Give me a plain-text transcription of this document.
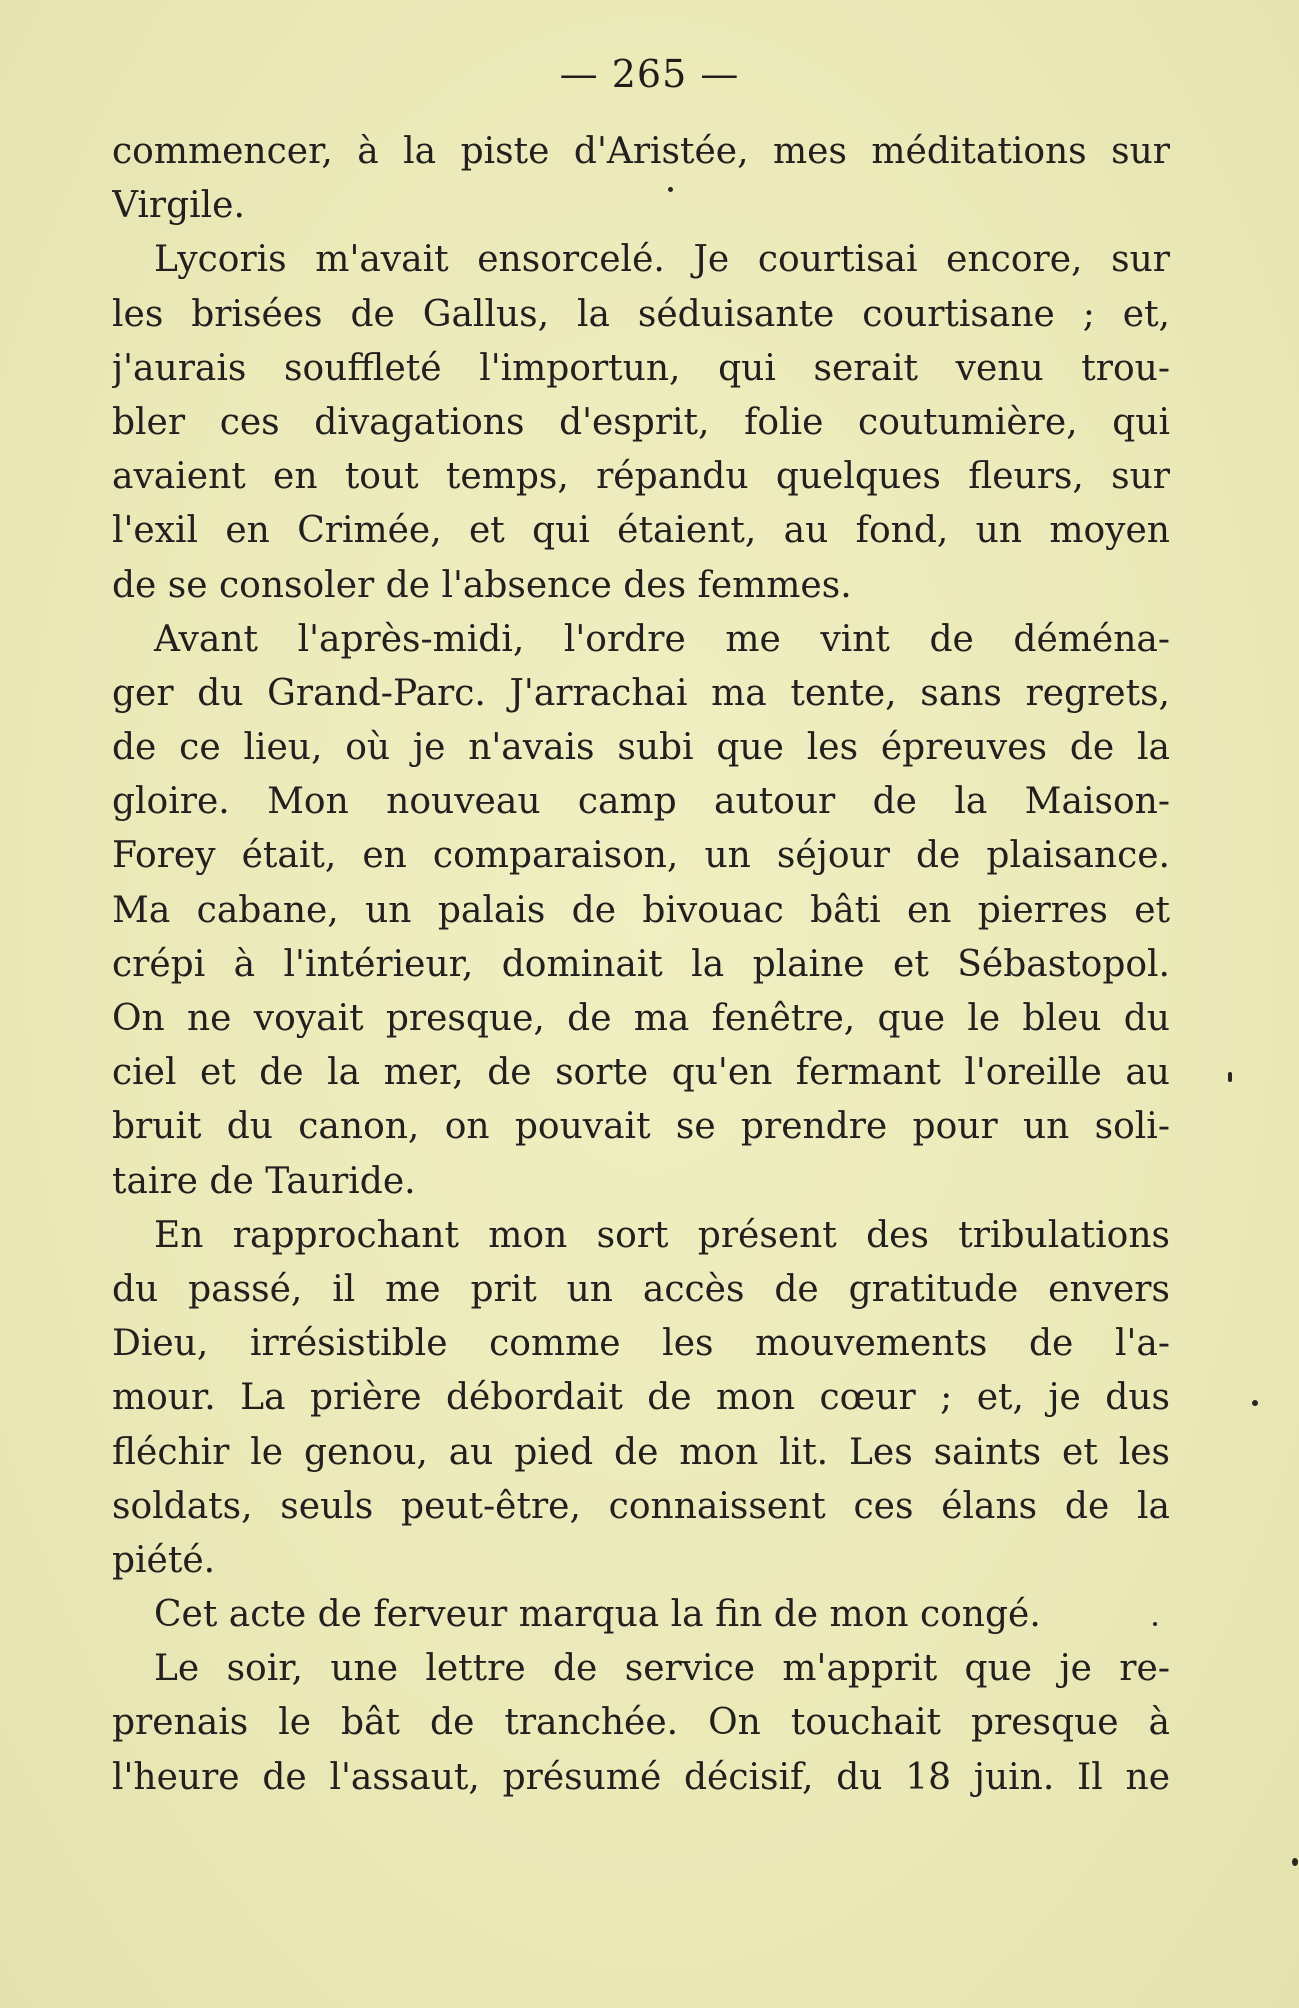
— 265 —
commencer, à la piste d'Aristée, mes méditations sur
Virgile.
Lycoris m'avait ensorcelé. Je courtisai encore, sur
les brisées de Gallus, la séduisante courtisane ; et,
j'aurais souffleté l'importun, qui serait venu trou-
bler ces divagations d'esprit, folie coutumière, qui
avaient en tout temps, répandu quelques fleurs, sur
l'exil en Crimée, et qui étaient, au fond, un moyen
de se consoler de l'absence des femmes.
Avant l'après-midi, l'ordre me vint de déména-
ger du Grand-Parc. J'arrachai ma tente, sans regrets,
de ce lieu, où je n'avais subi que les épreuves de la
gloire. Mon nouveau camp autour de la Maison-
Forey était, en comparaison, un séjour de plaisance.
Ma cabane, un palais de bivouac bâti en pierres et
crépi à l'intérieur, dominait la plaine et Sébastopol.
On ne voyait presque, de ma fenêtre, que le bleu du
ciel et de la mer, de sorte qu'en fermant l'oreille au
bruit du canon, on pouvait se prendre pour un soli-
taire de Tauride.
En rapprochant mon sort présent des tribulations
du passé, il me prit un accès de gratitude envers
Dieu, irrésistible comme les mouvements de l'a-
mour. La prière débordait de mon cœur ; et, je dus
fléchir le genou, au pied de mon lit. Les saints et les
soldats, seuls peut-être, connaissent ces élans de la
piété.
Cet acte de ferveur marqua la fin de mon congé.
Le soir, une lettre de service m'apprit que je re-
prenais le bât de tranchée. On touchait presque à
l'heure de l'assaut, présumé décisif, du 18 juin. Il ne
